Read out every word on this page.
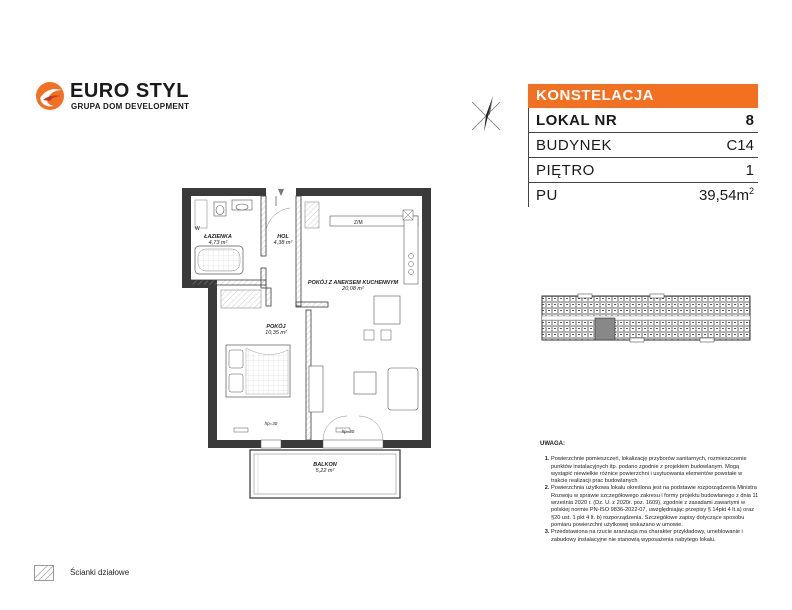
EURO STYL
GRUPA DOM DEVELOPMENT
KONSTELACJA
LOKAL NR	8
BUDYNEK	C14
PIĘTRO	1
PU	$39,54m^2$
W
Z/M
ŁAZIENKA
4,73 m²
HOL
4,38 m²
POKÓJ Z ANEKSEM KUCHENNYM
20,08 m²
POKÓJ
10,35 m²
BALKON
5,22 m²
hp=30
hp=30
UWAGA:
1. Powierzchnie pomieszczeń, lokalizację przyborów sanitarnych, rozmieszczenie punktów instalacyjnych itp. podano zgodnie z projektem budowlanym. Mogą wystąpić niewielkie różnice powierzchni i usytuowania elementów powstałe w trakcie realizacji prac budowlanych
2. Powierzchnia użytkowa lokalu określona jest na podstawie rozporządzenia Ministra Rozwoju w sprawie szczegółowego zakresu i formy projektu budowlanego z dnia 11 września 2020 r. (Dz. U. z 2020r. poz. 1609), zgodnie z zasadami zawartymi w polskiej normie PN-ISO 9836-2022-07, uwzględniając przepisy § 14pkt 4 lt.a) oraz §20 ust. 1 pkt 4 lt. b) rozporządzenia. Szczegółowe zapisy dotyczące sposobu pomiaru powierzchni użytkowej wskazano w umowie.
3. Przedstawiona na rzucie aranżacja ma charakter przykładowy, umeblowanie i zabudowy instalacyjne nie stanowią wyposażenia nabytego lokalu.
Ścianki działowe
